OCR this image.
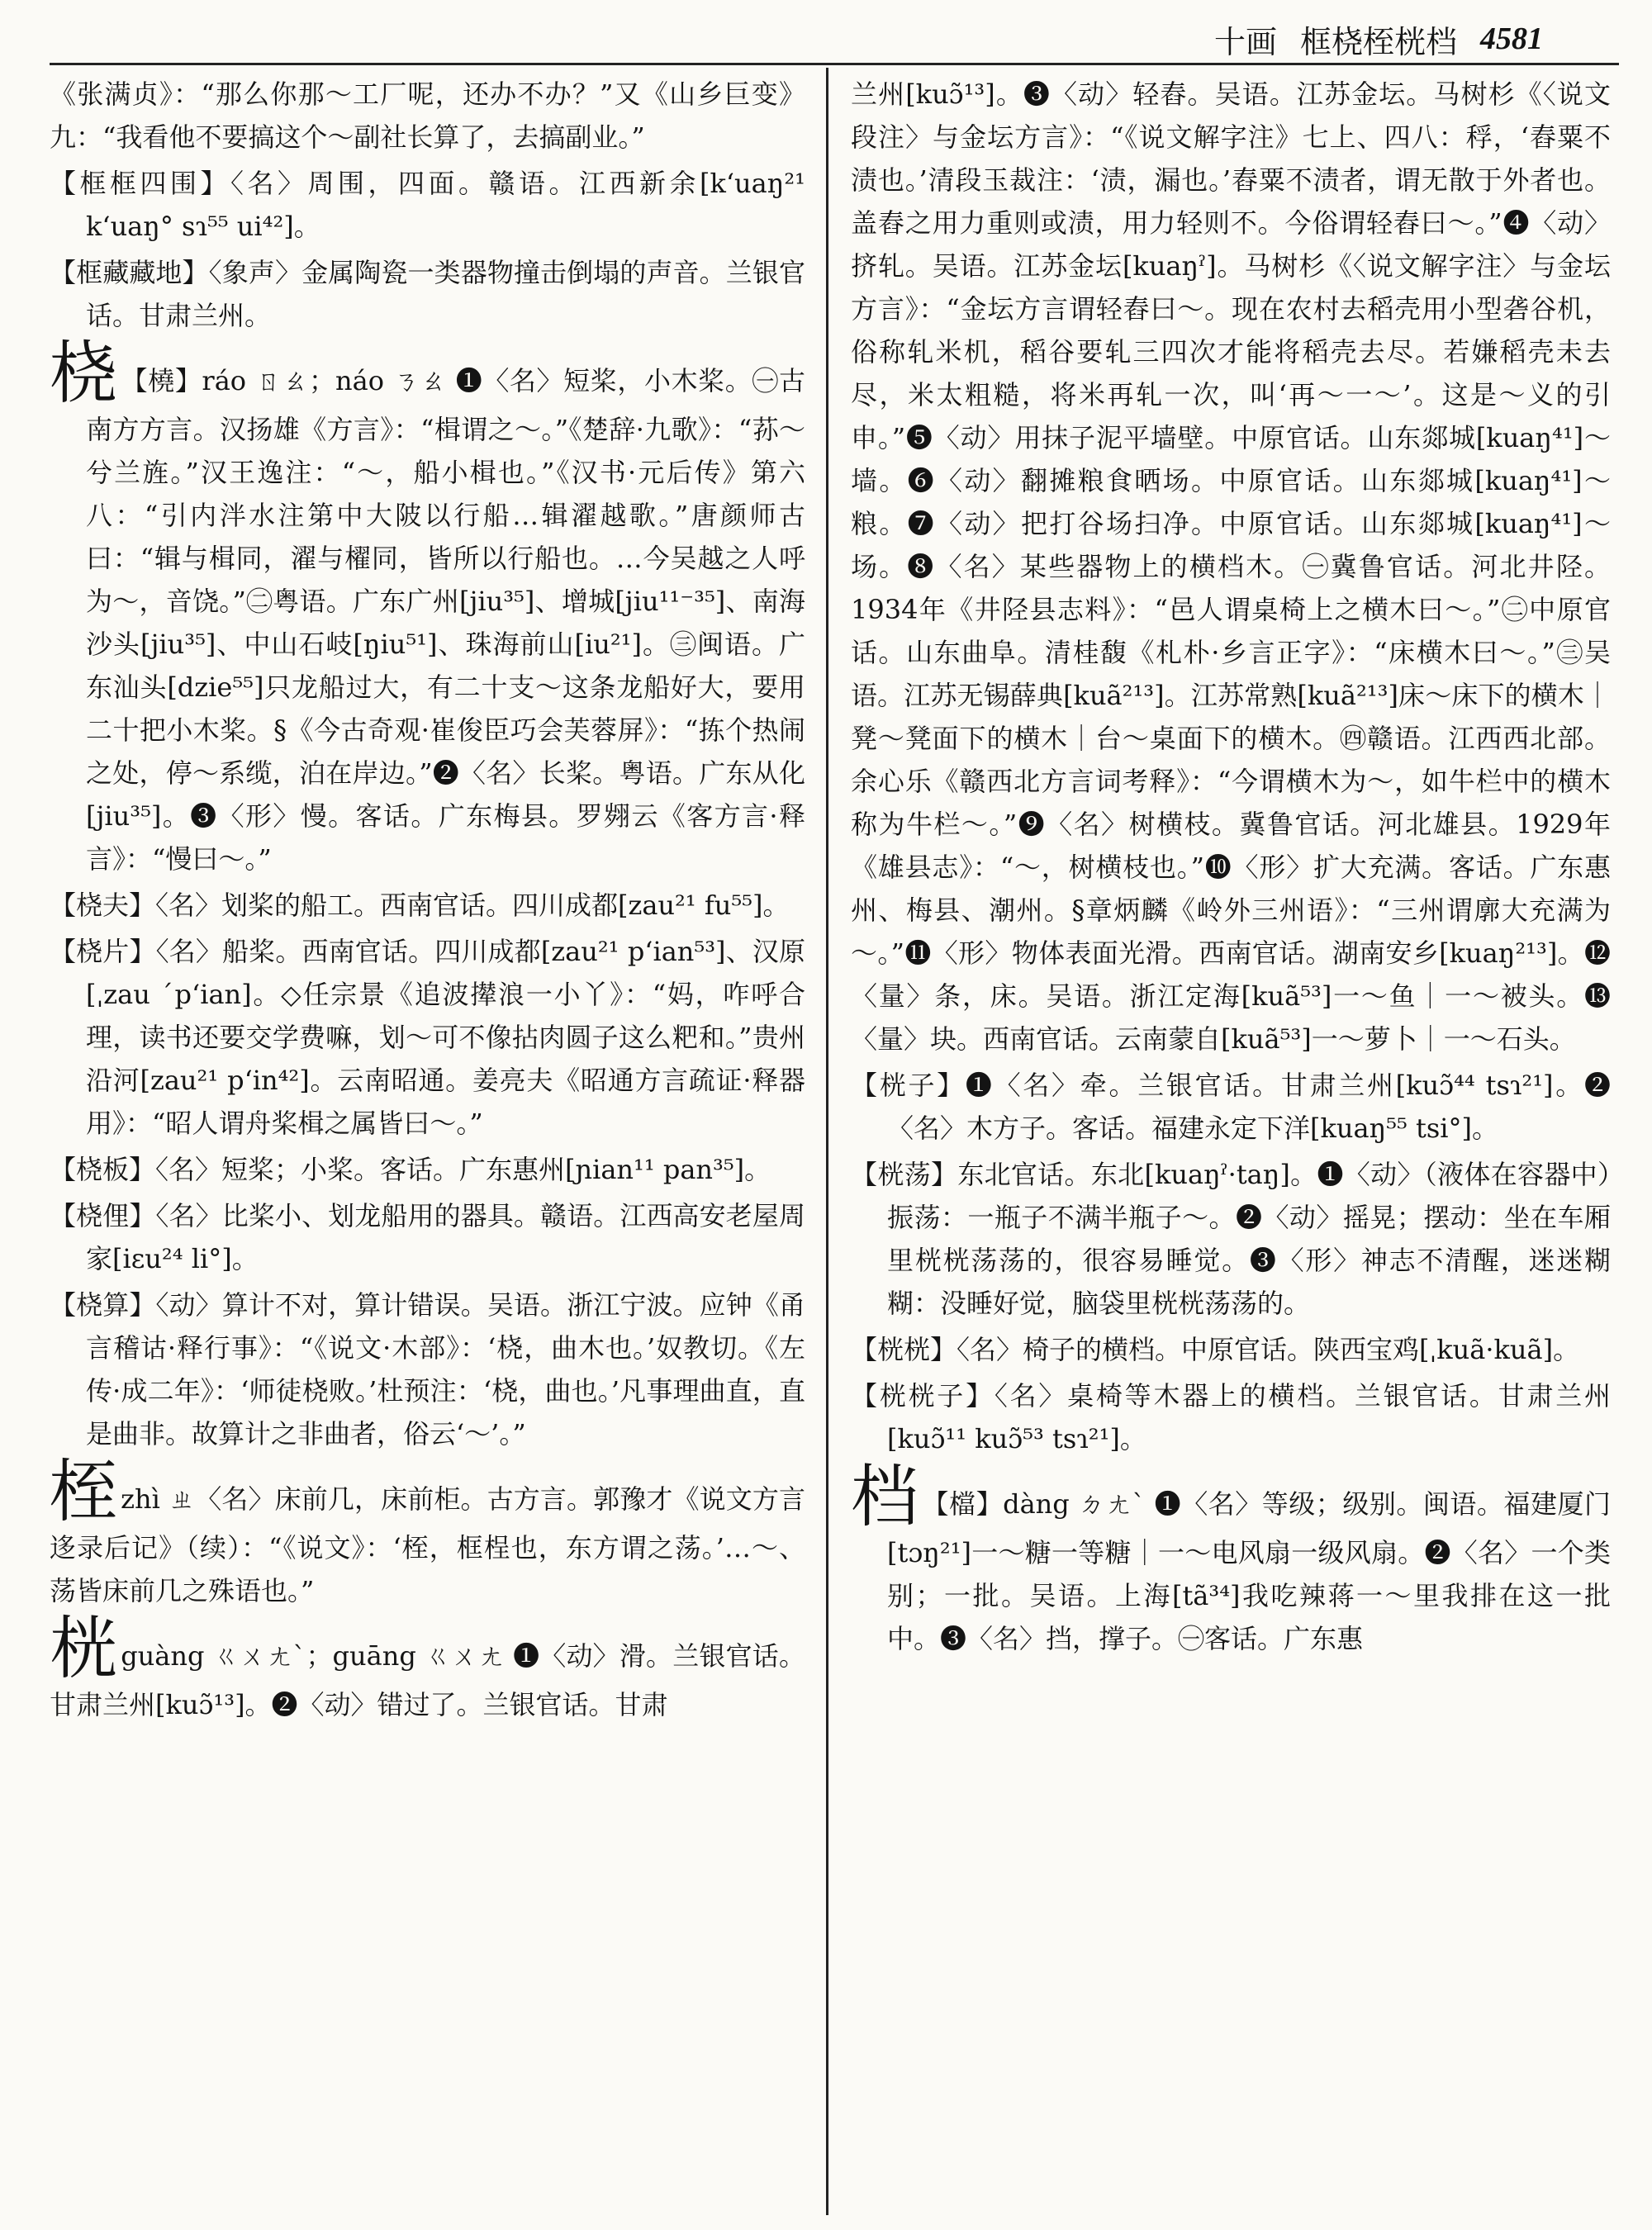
十画 框桡桎桄档 4581

《张满贞》：“那么你那～工厂呢，还办不办？”又《山乡巨变》九：“我看他不要搞这个～副社长算了，去搞副业。”

【框框四围】〈名〉周围，四面。赣语。江西新余[kʻuaŋ²¹ kʻuaŋ° sɿ⁵⁵ ui⁴²]。

【框藏藏地】〈象声〉金属陶瓷一类器物撞击倒塌的声音。兰银官话。甘肃兰州。

桡 【橈】ráo ㄖㄠ；náo ㄋㄠ ❶〈名〉短桨，小木桨。㊀古南方方言。汉扬雄《方言》：“楫谓之～。”《楚辞·九歌》：“荪～兮兰旌。”汉王逸注：“～，船小楫也。”《汉书·元后传》第六八：“引内泮水注第中大陂以行船…辑濯越歌。”唐颜师古曰：“辑与楫同，濯与櫂同，皆所以行船也。…今吴越之人呼为～，音饶。”㊁粤语。广东广州[jiu³⁵]、增城[jiu¹¹⁻³⁵]、南海沙头[jiu³⁵]、中山石岐[ŋiu⁵¹]、珠海前山[iu²¹]。㊂闽语。广东汕头[dzie⁵⁵]只龙船过大，有二十支～这条龙船好大，要用二十把小木桨。§《今古奇观·崔俊臣巧会芙蓉屏》：“拣个热闹之处，停～系缆，泊在岸边。”❷〈名〉长桨。粤语。广东从化[jiu³⁵]。❸〈形〉慢。客话。广东梅县。罗翙云《客方言·释言》：“慢曰～。”

【桡夫】〈名〉划桨的船工。西南官话。四川成都[zau²¹ fu⁵⁵]。

【桡片】〈名〉船桨。西南官话。四川成都[zau²¹ pʻian⁵³]、汉原[ˌzau ˊpʻian]。◇任宗景《追波撵浪一小丫》：“妈，咋呼合理，读书还要交学费嘛，划～可不像拈肉圆子这么粑和。”贵州沿河[zau²¹ pʻin⁴²]。云南昭通。姜亮夫《昭通方言疏证·释器用》：“昭人谓舟桨楫之属皆曰～。”

【桡板】〈名〉短桨；小桨。客话。广东惠州[ɲian¹¹ pan³⁵]。

【桡俚】〈名〉比桨小、划龙船用的器具。赣语。江西高安老屋周家[iɛu²⁴ li°]。

【桡算】〈动〉算计不对，算计错误。吴语。浙江宁波。应钟《甬言稽诂·释行事》：“《说文·木部》：‘桡，曲木也。’奴教切。《左传·成二年》：‘师徒桡败。’杜预注：‘桡，曲也。’凡事理曲直，直是曲非。故算计之非曲者，俗云‘～’。”

桎zhì ㄓ〈名〉床前几，床前柜。古方言。郭豫才《说文方言迻录后记》（续）：“《说文》：‘桎，框桯也，东方谓之荡。’…～、荡皆床前几之殊语也。”

桄guàng ㄍㄨㄤˋ；guāng ㄍㄨㄤ ❶〈动〉滑。兰银官话。甘肃兰州[kuɔ̃¹³]。❷〈动〉错过了。兰银官话。甘肃

兰州[kuɔ̃¹³]。❸〈动〉轻舂。吴语。江苏金坛。马树杉《〈说文段注〉与金坛方言》：“《说文解字注》七上、四八：稃，‘舂粟不渍也。’清段玉裁注：‘渍，漏也。’舂粟不渍者，谓无散于外者也。盖舂之用力重则或渍，用力轻则不。今俗谓轻舂曰～。”❹〈动〉挤轧。吴语。江苏金坛[kuaŋˀ]。马树杉《〈说文解字注〉与金坛方言》：“金坛方言谓轻舂曰～。现在农村去稻壳用小型砻谷机，俗称轧米机，稻谷要轧三四次才能将稻壳去尽。若嫌稻壳未去尽，米太粗糙，将米再轧一次，叫‘再～一～’。这是～义的引申。”❺〈动〉用抹子泥平墙壁。中原官话。山东郯城[kuaŋ⁴¹]～墙。❻〈动〉翻摊粮食晒场。中原官话。山东郯城[kuaŋ⁴¹]～粮。❼〈动〉把打谷场扫净。中原官话。山东郯城[kuaŋ⁴¹]～场。❽〈名〉某些器物上的横档木。㊀冀鲁官话。河北井陉。1934年《井陉县志料》：“邑人谓桌椅上之横木曰～。”㊁中原官话。山东曲阜。清桂馥《札朴·乡言正字》：“床横木曰～。”㊂吴语。江苏无锡薛典[kuã²¹³]。江苏常熟[kuã²¹³]床～床下的横木｜凳～凳面下的横木｜台～桌面下的横木。㊃赣语。江西西北部。余心乐《赣西北方言词考释》：“今谓横木为～，如牛栏中的横木称为牛栏～。”❾〈名〉树横枝。冀鲁官话。河北雄县。1929年《雄县志》：“～，树横枝也。”❿〈形〉扩大充满。客话。广东惠州、梅县、潮州。§章炳麟《岭外三州语》：“三州谓廓大充满为～。”⓫〈形〉物体表面光滑。西南官话。湖南安乡[kuaŋ²¹³]。⓬〈量〉条，床。吴语。浙江定海[kuã⁵³]一～鱼｜一～被头。⓭〈量〉块。西南官话。云南蒙自[kuã⁵³]一～萝卜｜一～石头。

【桄子】❶〈名〉牵。兰银官话。甘肃兰州[kuɔ̃⁴⁴ tsɿ²¹]。❷〈名〉木方子。客话。福建永定下洋[kuaŋ⁵⁵ tsi°]。

【桄荡】东北官话。东北[kuaŋˀ·taŋ]。❶〈动〉（液体在容器中）振荡：一瓶子不满半瓶子～。❷〈动〉摇晃；摆动：坐在车厢里桄桄荡荡的，很容易睡觉。❸〈形〉神志不清醒，迷迷糊糊：没睡好觉，脑袋里桄桄荡荡的。

【桄桄】〈名〉椅子的横档。中原官话。陕西宝鸡[ˌkuã·kuã]。

【桄桄子】〈名〉桌椅等木器上的横档。兰银官话。甘肃兰州[kuɔ̃¹¹ kuɔ̃⁵³ tsɿ²¹]。

档 【檔】dàng ㄉㄤˋ ❶〈名〉等级；级别。闽语。福建厦门[tɔŋ²¹]一～糖一等糖｜一～电风扇一级风扇。❷〈名〉一个类别；一批。吴语。上海[tã³⁴]我吃辣蒋一～里我排在这一批中。❸〈名〉挡，撑子。㊀客话。广东惠
